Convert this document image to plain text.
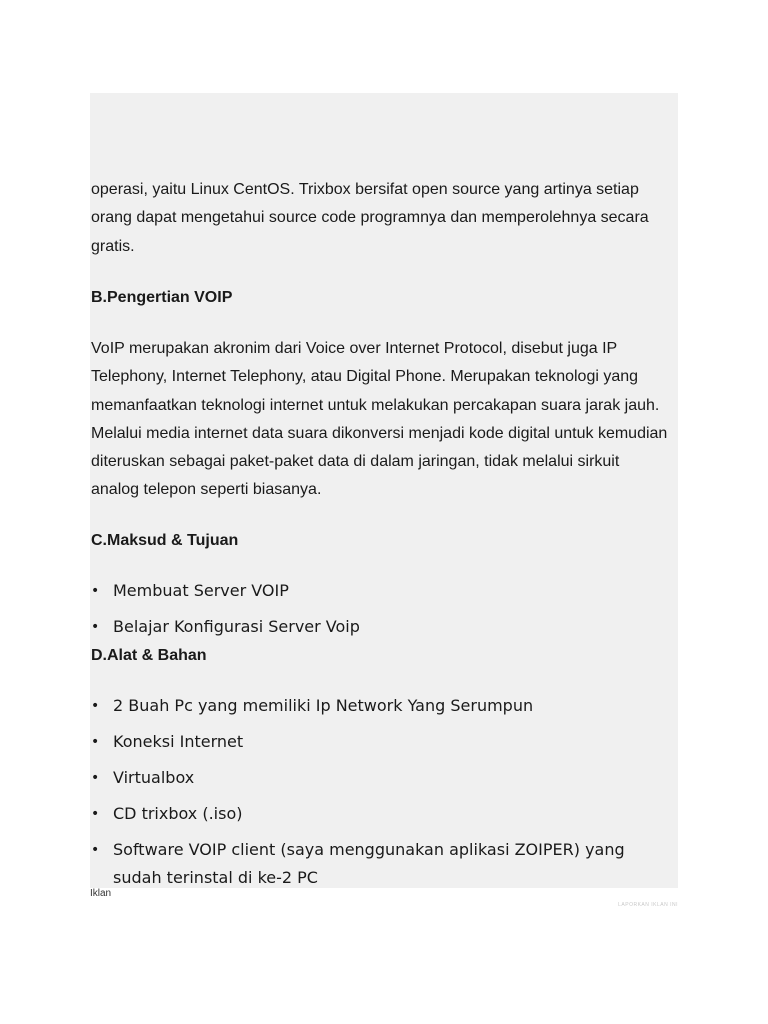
operasi, yaitu Linux CentOS. Trixbox bersifat open source yang artinya setiap orang dapat mengetahui source code programnya dan memperolehnya secara gratis.

B.Pengertian VOIP

VoIP merupakan akronim dari Voice over Internet Protocol, disebut juga IP Telephony, Internet Telephony, atau Digital Phone. Merupakan teknologi yang memanfaatkan teknologi internet untuk melakukan percakapan suara jarak jauh. Melalui media internet data suara dikonversi menjadi kode digital untuk kemudian diteruskan sebagai paket-paket data di dalam jaringan, tidak melalui sirkuit analog telepon seperti biasanya.

C.Maksud & Tujuan
• Membuat Server VOIP
• Belajar Konfigurasi Server Voip
D.Alat & Bahan
• 2 Buah Pc yang memiliki Ip Network Yang Serumpun
• Koneksi Internet
• Virtualbox
• CD trixbox (.iso)
• Software VOIP client (saya menggunakan aplikasi ZOIPER) yang sudah terinstal di ke-2 PC
Iklan
LAPORKAN IKLAN INI
